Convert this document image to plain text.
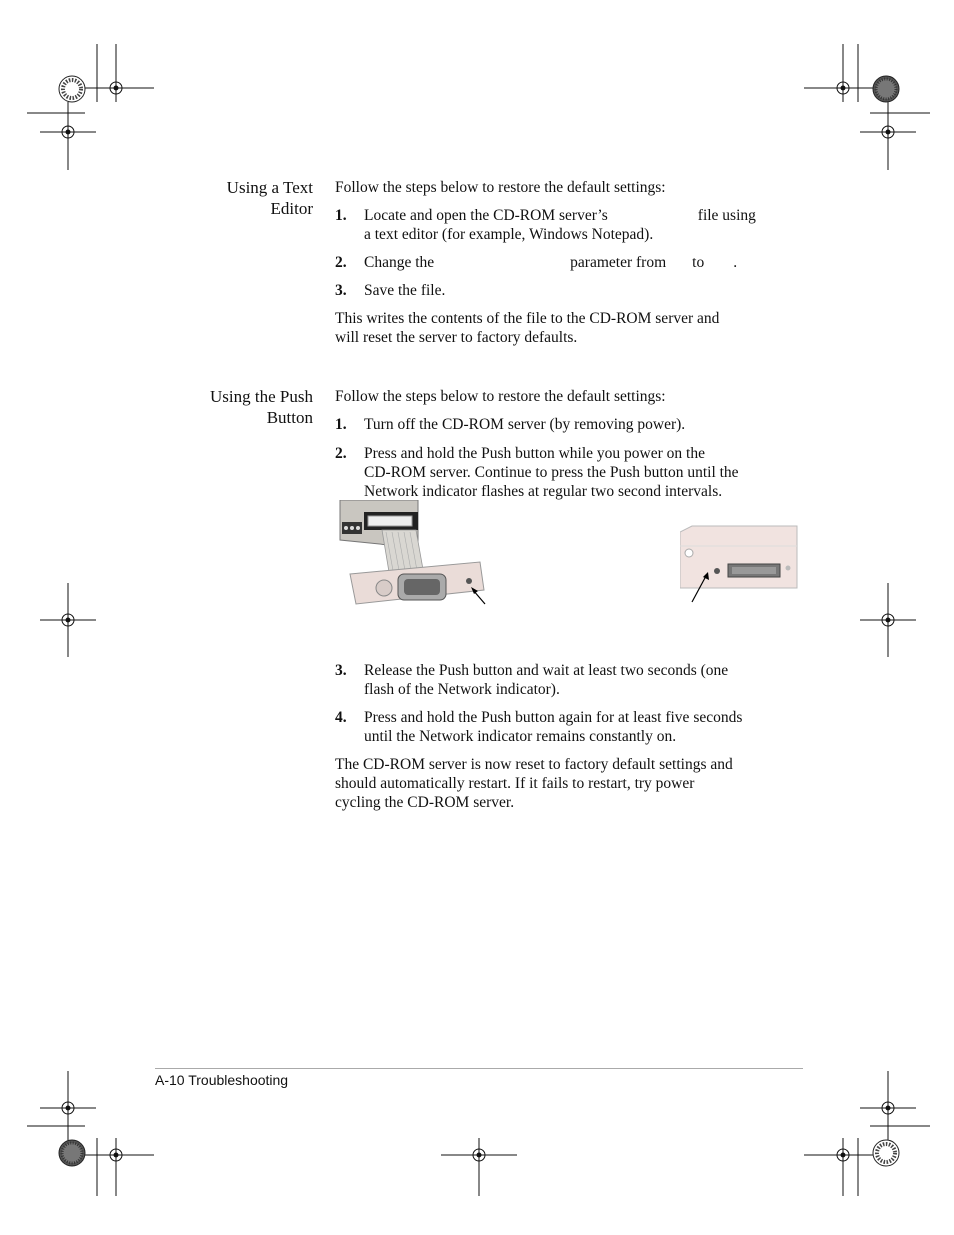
Using a Text
Editor
Follow the steps below to restore the default settings:
1. Locate and open the CD-ROM server’s	file using
a text editor (for example, Windows Notepad).
2. Change the	parameter from to .
3. Save the file.
This writes the contents of the file to the CD-ROM server and
will reset the server to factory defaults.
Using the Push
Button
Follow the steps below to restore the default settings:
1. Turn off the CD-ROM server (by removing power).
2. Press and hold the Push button while you power on the
CD-ROM server. Continue to press the Push button until the
Network indicator flashes at regular two second intervals.
3. Release the Push button and wait at least two seconds (one
flash of the Network indicator).
4. Press and hold the Push button again for at least five seconds
until the Network indicator remains constantly on.
The CD-ROM server is now reset to factory default settings and
should automatically restart. If it fails to restart, try power
cycling the CD-ROM server.
A-10 Troubleshooting
